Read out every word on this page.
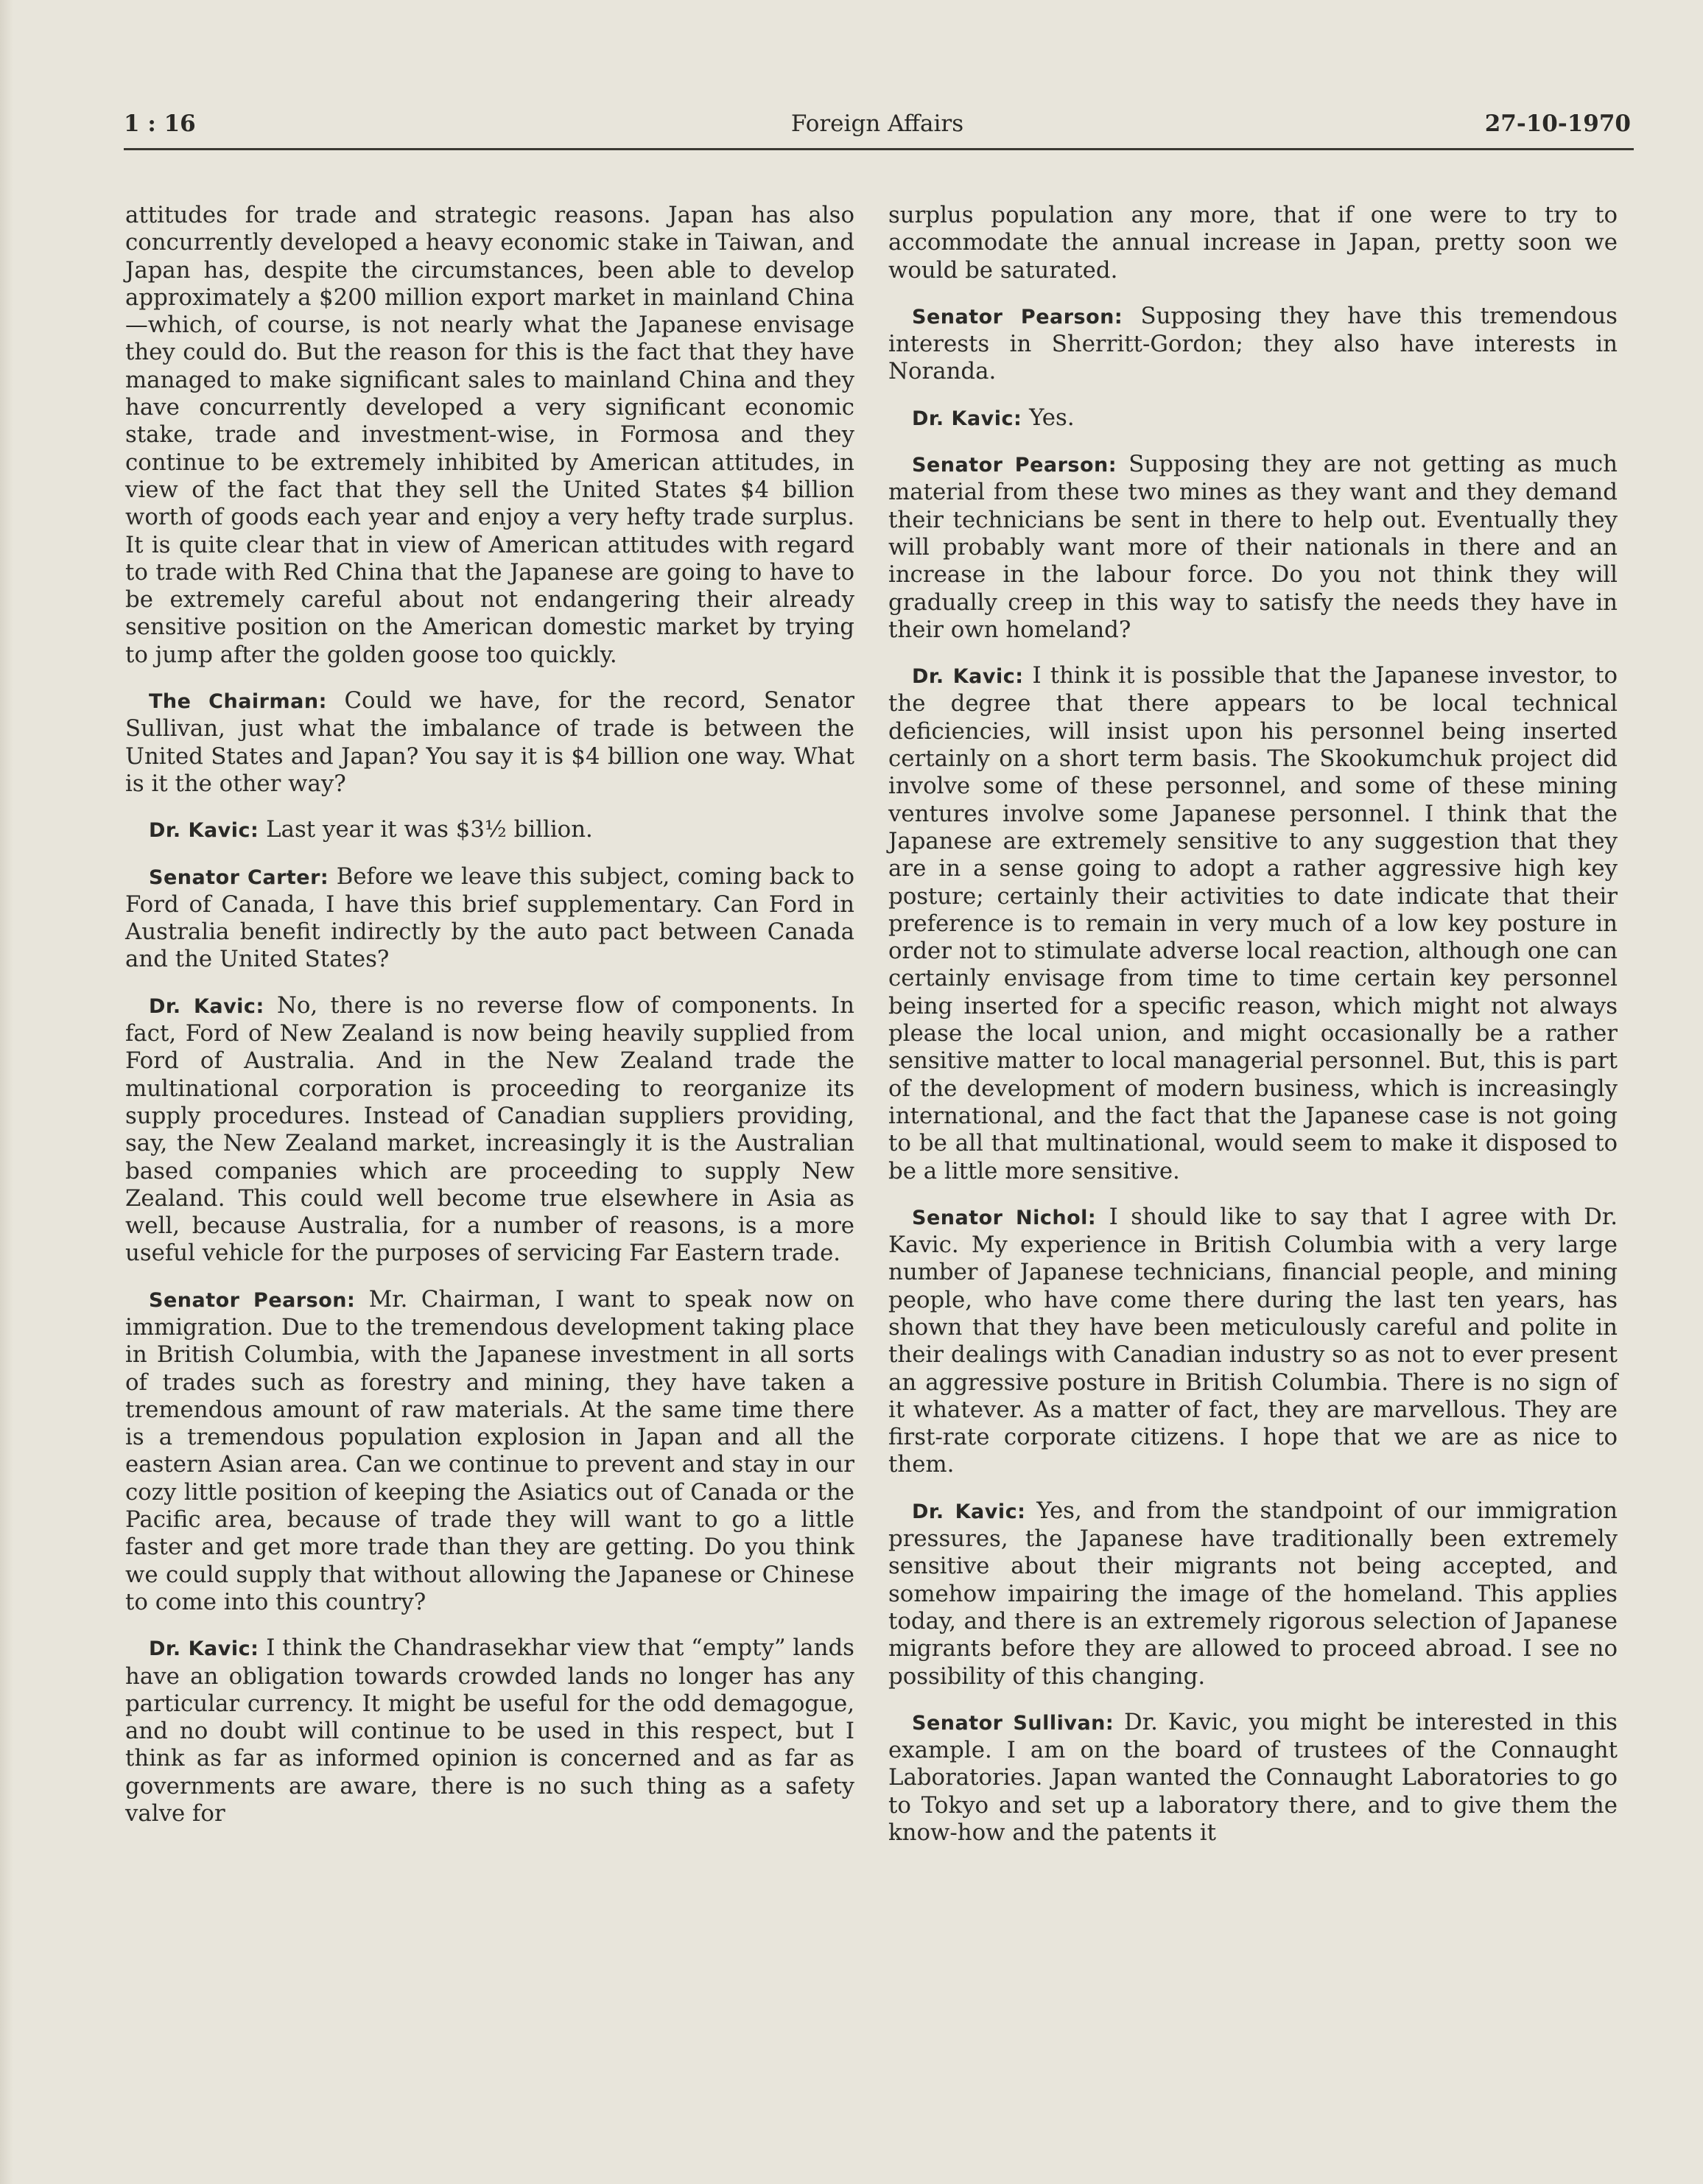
1 : 16	Foreign Affairs	27-10-1970

attitudes for trade and strategic reasons. Japan has also concurrently developed a heavy economic stake in Taiwan, and Japan has, despite the circumstances, been able to develop approximately a $200 million export market in mainland China—which, of course, is not nearly what the Japanese envisage they could do. But the reason for this is the fact that they have managed to make significant sales to mainland China and they have concurrently developed a very significant economic stake, trade and investment-wise, in Formosa and they continue to be extremely inhibited by American attitudes, in view of the fact that they sell the United States $4 billion worth of goods each year and enjoy a very hefty trade surplus. It is quite clear that in view of American attitudes with regard to trade with Red China that the Japanese are going to have to be extremely careful about not endangering their already sensitive position on the American domestic market by trying to jump after the golden goose too quickly.

The Chairman: Could we have, for the record, Senator Sullivan, just what the imbalance of trade is between the United States and Japan? You say it is $4 billion one way. What is it the other way?

Dr. Kavic: Last year it was $3½ billion.

Senator Carter: Before we leave this subject, coming back to Ford of Canada, I have this brief supplementary. Can Ford in Australia benefit indirectly by the auto pact between Canada and the United States?

Dr. Kavic: No, there is no reverse flow of components. In fact, Ford of New Zealand is now being heavily supplied from Ford of Australia. And in the New Zealand trade the multinational corporation is proceeding to reorganize its supply procedures. Instead of Canadian suppliers providing, say, the New Zealand market, increasingly it is the Australian based companies which are proceeding to supply New Zealand. This could well become true elsewhere in Asia as well, because Australia, for a number of reasons, is a more useful vehicle for the purposes of servicing Far Eastern trade.

Senator Pearson: Mr. Chairman, I want to speak now on immigration. Due to the tremendous development taking place in British Columbia, with the Japanese investment in all sorts of trades such as forestry and mining, they have taken a tremendous amount of raw materials. At the same time there is a tremendous population explosion in Japan and all the eastern Asian area. Can we continue to prevent and stay in our cozy little position of keeping the Asiatics out of Canada or the Pacific area, because of trade they will want to go a little faster and get more trade than they are getting. Do you think we could supply that without allowing the Japanese or Chinese to come into this country?

Dr. Kavic: I think the Chandrasekhar view that “empty” lands have an obligation towards crowded lands no longer has any particular currency. It might be useful for the odd demagogue, and no doubt will continue to be used in this respect, but I think as far as informed opinion is concerned and as far as governments are aware, there is no such thing as a safety valve for

surplus population any more, that if one were to try to accommodate the annual increase in Japan, pretty soon we would be saturated.

Senator Pearson: Supposing they have this tremendous interests in Sherritt-Gordon; they also have interests in Noranda.

Dr. Kavic: Yes.

Senator Pearson: Supposing they are not getting as much material from these two mines as they want and they demand their technicians be sent in there to help out. Eventually they will probably want more of their nationals in there and an increase in the labour force. Do you not think they will gradually creep in this way to satisfy the needs they have in their own homeland?

Dr. Kavic: I think it is possible that the Japanese investor, to the degree that there appears to be local technical deficiencies, will insist upon his personnel being inserted certainly on a short term basis. The Skookumchuk project did involve some of these personnel, and some of these mining ventures involve some Japanese personnel. I think that the Japanese are extremely sensitive to any suggestion that they are in a sense going to adopt a rather aggressive high key posture; certainly their activities to date indicate that their preference is to remain in very much of a low key posture in order not to stimulate adverse local reaction, although one can certainly envisage from time to time certain key personnel being inserted for a specific reason, which might not always please the local union, and might occasionally be a rather sensitive matter to local managerial personnel. But, this is part of the development of modern business, which is increasingly international, and the fact that the Japanese case is not going to be all that multinational, would seem to make it disposed to be a little more sensitive.

Senator Nichol: I should like to say that I agree with Dr. Kavic. My experience in British Columbia with a very large number of Japanese technicians, financial people, and mining people, who have come there during the last ten years, has shown that they have been meticulously careful and polite in their dealings with Canadian industry so as not to ever present an aggressive posture in British Columbia. There is no sign of it whatever. As a matter of fact, they are marvellous. They are first-rate corporate citizens. I hope that we are as nice to them.

Dr. Kavic: Yes, and from the standpoint of our immigration pressures, the Japanese have traditionally been extremely sensitive about their migrants not being accepted, and somehow impairing the image of the homeland. This applies today, and there is an extremely rigorous selection of Japanese migrants before they are allowed to proceed abroad. I see no possibility of this changing.

Senator Sullivan: Dr. Kavic, you might be interested in this example. I am on the board of trustees of the Connaught Laboratories. Japan wanted the Connaught Laboratories to go to Tokyo and set up a laboratory there, and to give them the know-how and the patents it
